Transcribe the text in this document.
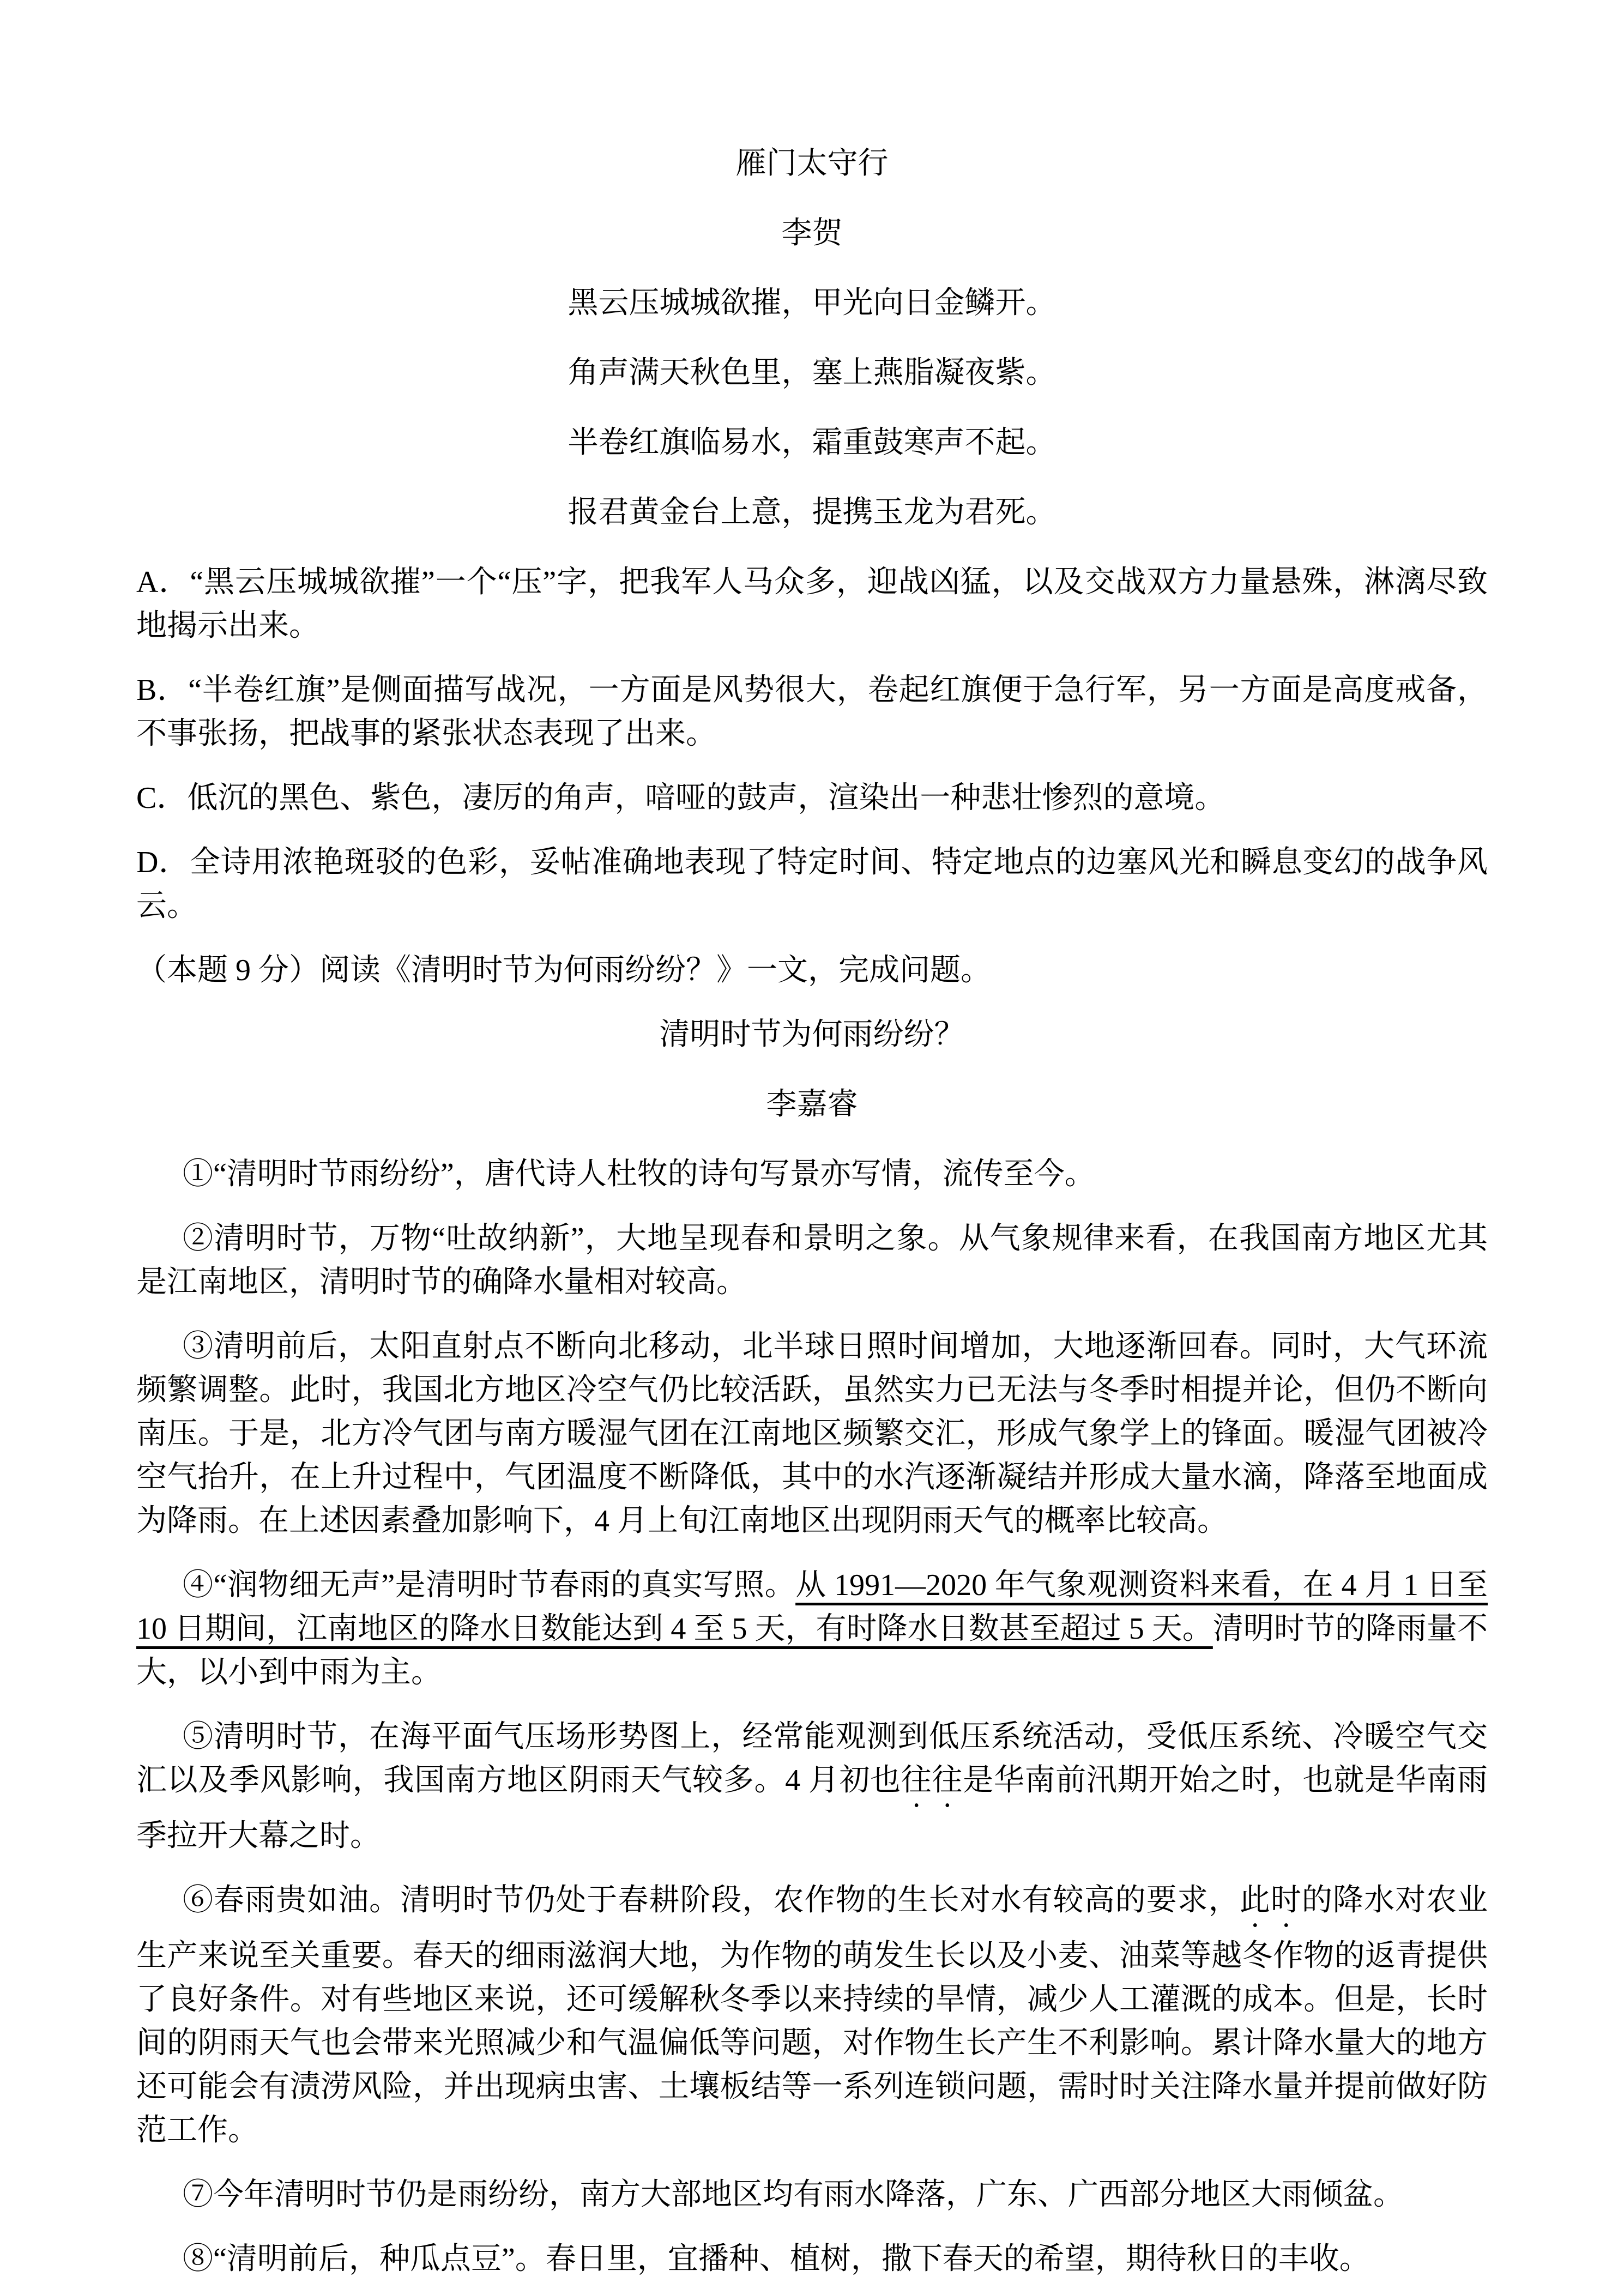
雁门太守行

李贺

黑云压城城欲摧，甲光向日金鳞开。

角声满天秋色里，塞上燕脂凝夜紫。

半卷红旗临易水，霜重鼓寒声不起。

报君黄金台上意，提携玉龙为君死。

A．“黑云压城城欲摧”一个“压”字，把我军人马众多，迎战凶猛，以及交战双方力量悬殊，淋漓尽致地揭示出来。

B．“半卷红旗”是侧面描写战况，一方面是风势很大，卷起红旗便于急行军，另一方面是高度戒备，不事张扬，把战事的紧张状态表现了出来。

C．低沉的黑色、紫色，凄厉的角声，喑哑的鼓声，渲染出一种悲壮惨烈的意境。

D．全诗用浓艳斑驳的色彩，妥帖准确地表现了特定时间、特定地点的边塞风光和瞬息变幻的战争风云。

（本题 9 分）阅读《清明时节为何雨纷纷？》一文，完成问题。

清明时节为何雨纷纷？

李嘉睿

①“清明时节雨纷纷”，唐代诗人杜牧的诗句写景亦写情，流传至今。

②清明时节，万物“吐故纳新”，大地呈现春和景明之象。从气象规律来看，在我国南方地区尤其是江南地区，清明时节的确降水量相对较高。

③清明前后，太阳直射点不断向北移动，北半球日照时间增加，大地逐渐回春。同时，大气环流频繁调整。此时，我国北方地区冷空气仍比较活跃，虽然实力已无法与冬季时相提并论，但仍不断向南压。于是，北方冷气团与南方暖湿气团在江南地区频繁交汇，形成气象学上的锋面。暖湿气团被冷空气抬升，在上升过程中，气团温度不断降低，其中的水汽逐渐凝结并形成大量水滴，降落至地面成为降雨。在上述因素叠加影响下，4 月上旬江南地区出现阴雨天气的概率比较高。

④“润物细无声”是清明时节春雨的真实写照。从 1991—2020 年气象观测资料来看，在 4 月 1 日至 10 日期间，江南地区的降水日数能达到 4 至 5 天，有时降水日数甚至超过 5 天。清明时节的降雨量不大，以小到中雨为主。

⑤清明时节，在海平面气压场形势图上，经常能观测到低压系统活动，受低压系统、冷暖空气交汇以及季风影响，我国南方地区阴雨天气较多。4 月初也往往是华南前汛期开始之时，也就是华南雨季拉开大幕之时。

⑥春雨贵如油。清明时节仍处于春耕阶段，农作物的生长对水有较高的要求，此时的降水对农业生产来说至关重要。春天的细雨滋润大地，为作物的萌发生长以及小麦、油菜等越冬作物的返青提供了良好条件。对有些地区来说，还可缓解秋冬季以来持续的旱情，减少人工灌溉的成本。但是，长时间的阴雨天气也会带来光照减少和气温偏低等问题，对作物生长产生不利影响。累计降水量大的地方还可能会有渍涝风险，并出现病虫害、土壤板结等一系列连锁问题，需时时关注降水量并提前做好防范工作。

⑦今年清明时节仍是雨纷纷，南方大部地区均有雨水降落，广东、广西部分地区大雨倾盆。

⑧“清明前后，种瓜点豆”。春日里，宜播种、植树，撒下春天的希望，期待秋日的丰收。
